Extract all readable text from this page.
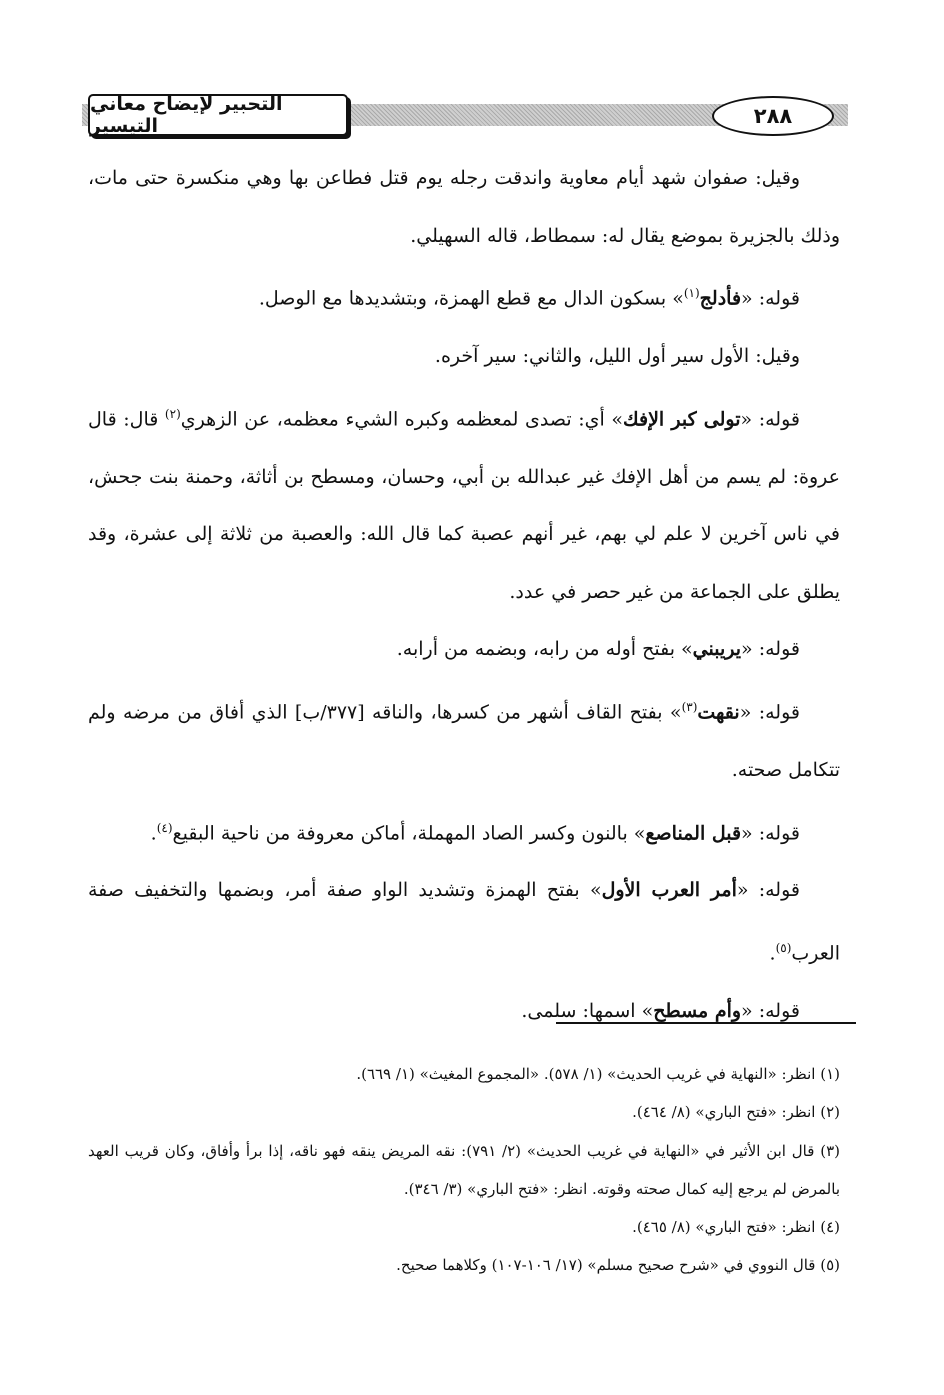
التحبير لإيضاح معاني التيسير	٢٨٨

وقيل: صفوان شهد أيام معاوية واندقت رجله يوم قتل فطاعن بها وهي منكسرة حتى مات، وذلك بالجزيرة بموضع يقال له: سمطاط، قاله السهيلي.

قوله: «فأدلج$^{(١)}$» بسكون الدال مع قطع الهمزة، وبتشديدها مع الوصل.

وقيل: الأول سير أول الليل، والثاني: سير آخره.

قوله: «تولى كبر الإفك» أي: تصدى لمعظمه وكبره الشيء معظمه، عن الزهري$^{(٢)}$ قال: قال عروة: لم يسم من أهل الإفك غير عبدالله بن أبي، وحسان، ومسطح بن أثاثة، وحمنة بنت جحش، في ناس آخرين لا علم لي بهم، غير أنهم عصبة كما قال الله: والعصبة من ثلاثة إلى عشرة، وقد يطلق على الجماعة من غير حصر في عدد.

قوله: «يريبني» بفتح أوله من رابه، وبضمه من أرابه.

قوله: «نقهت$^{(٣)}$» بفتح القاف أشهر من كسرها، والناقه [٣٧٧/ب] الذي أفاق من مرضه ولم تتكامل صحته.

قوله: «قبل المناصع» بالنون وكسر الصاد المهملة، أماكن معروفة من ناحية البقيع$^{(٤)}$.

قوله: «أمر العرب الأول» بفتح الهمزة وتشديد الواو صفة أمر، وبضمها والتخفيف صفة العرب$^{(٥)}$.

قوله: «وأم مسطح» اسمها: سلمى.

(١) انظر: «النهاية في غريب الحديث» (١/ ٥٧٨). «المجموع المغيث» (١/ ٦٦٩).

(٢) انظر: «فتح الباري» (٨/ ٤٦٤).

(٣) قال ابن الأثير في «النهاية في غريب الحديث» (٢/ ٧٩١): نقه المريض ينقه فهو ناقه، إذا برأ وأفاق، وكان قريب العهد بالمرض لم يرجع إليه كمال صحته وقوته. انظر: «فتح الباري» (٣/ ٣٤٦).

(٤) انظر: «فتح الباري» (٨/ ٤٦٥).

(٥) قال النووي في «شرح صحيح مسلم» (١٧/ ١٠٦-١٠٧) وكلاهما صحيح.
